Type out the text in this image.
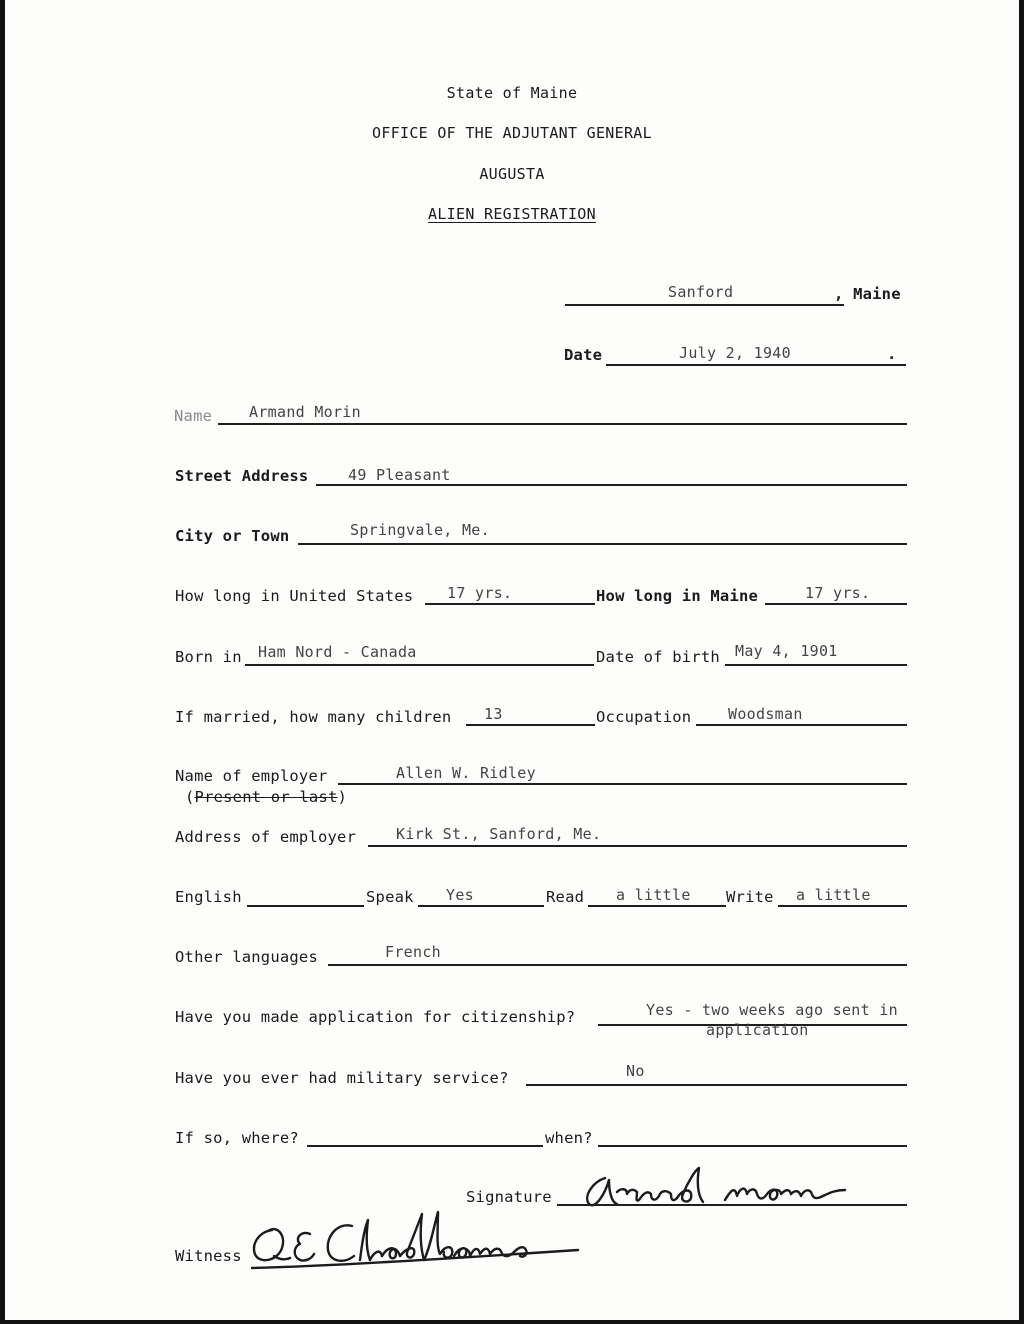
State of Maine
OFFICE OF THE ADJUTANT GENERAL
AUGUSTA
ALIEN REGISTRATION
Sanford	, Maine
Date	July 2, 1940	.
Name Armand Morin
Street Address	49 Pleasant
City or Town	Springvale, Me.
How long in United States 17 yrs.	How long in Maine	17 yrs.
Born in Ham Nord - Canada	Date of birth May 4, 1901
If married, how many children 13	Occupation Woodsman
Name of employer	Allen W. Ridley
(Present or last)
Address of employer	Kirk St., Sanford, Me.
English	Speak Yes	Read a little Write a little
Other languages	French
Have you made application for citizenship?	Yes - two weeks ago sent in
application
Have you ever had military service?	No
If so, where?	when?
Signature
Witness
